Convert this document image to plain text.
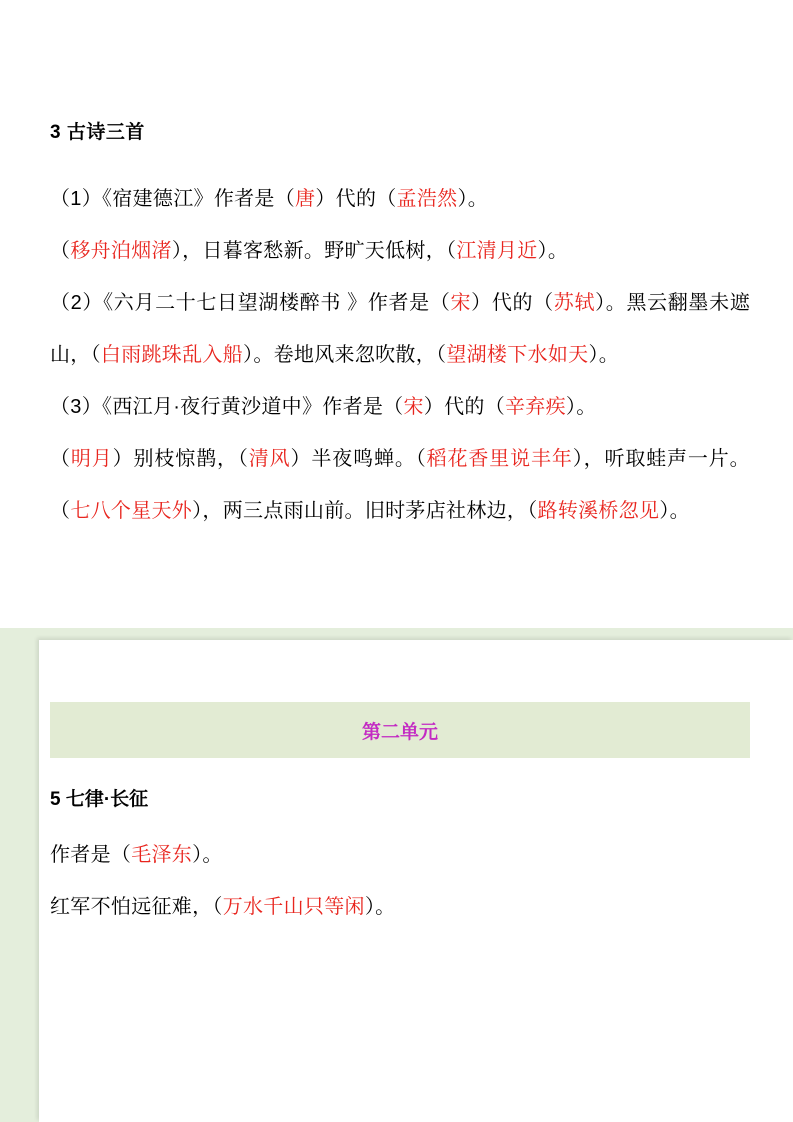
3 古诗三首

（1）《宿建德江》作者是（唐）代的（孟浩然）。

（移舟泊烟渚），日暮客愁新。野旷天低树，（江清月近）。

（2）《六月二十七日望湖楼醉书 》作者是（宋）代的（苏轼）。黑云翻墨未遮山，（白雨跳珠乱入船）。卷地风来忽吹散，（望湖楼下水如天）。

（3）《西江月·夜行黄沙道中》作者是（宋）代的（辛弃疾）。

（明月）别枝惊鹊，（清风）半夜鸣蝉。（稻花香里说丰年），听取蛙声一片。（七八个星天外），两三点雨山前。旧时茅店社林边，（路转溪桥忽见）。

第二单元
5 七律·长征

作者是（毛泽东）。

红军不怕远征难，（万水千山只等闲）。
